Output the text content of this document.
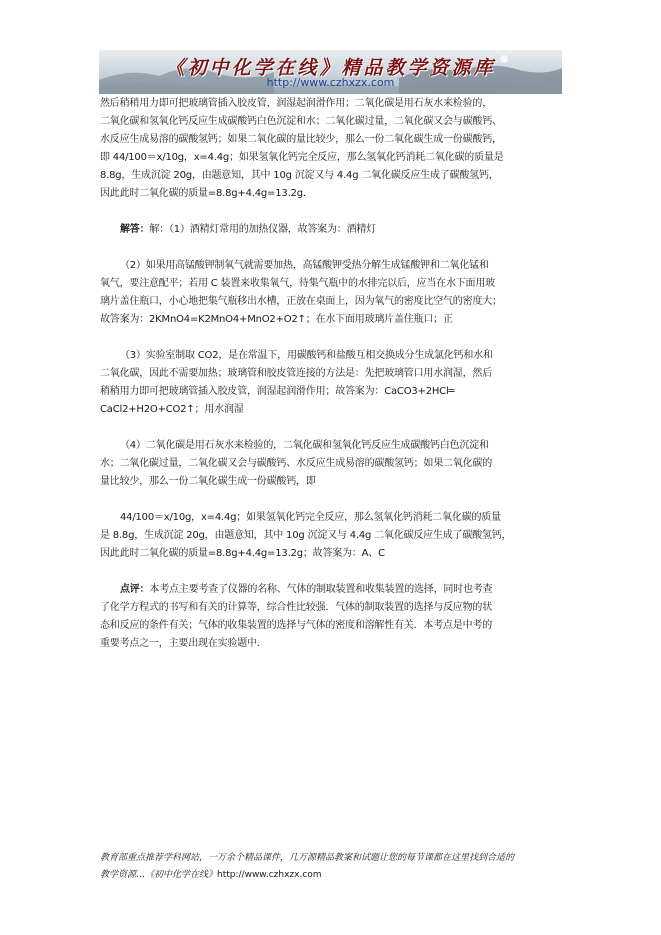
《初中化学在线》精品教学资源库
http://www.czhxzx.com

然后稍稍用力即可把玻璃管插入胶皮管，润湿起润滑作用；二氧化碳是用石灰水来检验的，
二氧化碳和氢氧化钙反应生成碳酸钙白色沉淀和水；二氧化碳过量，二氧化碳又会与碳酸钙、
水反应生成易溶的碳酸氢钙；如果二氧化碳的量比较少，那么一份二氧化碳生成一份碳酸钙，
即 44/100＝x/10g，x=4.4g；如果氢氧化钙完全反应，那么氢氧化钙消耗二氧化碳的质量是
8.8g，生成沉淀 20g，由题意知，其中 10g 沉淀又与 4.4g 二氧化碳反应生成了碳酸氢钙，
因此此时二氧化碳的质量=8.8g+4.4g=13.2g．

解答：解：（1）酒精灯常用的加热仪器，故答案为：酒精灯

（2）如果用高锰酸钾制氧气就需要加热，高锰酸钾受热分解生成锰酸钾和二氧化锰和
氧气，要注意配平；若用 C 装置来收集氧气，待集气瓶中的水排完以后，应当在水下面用玻
璃片盖住瓶口，小心地把集气瓶移出水槽，正放在桌面上，因为氧气的密度比空气的密度大；
故答案为：2KMnO4=K2MnO4+MnO2+O2↑；在水下面用玻璃片盖住瓶口；正

（3）实验室制取 CO2，是在常温下，用碳酸钙和盐酸互相交换成分生成氯化钙和水和
二氧化碳，因此不需要加热；玻璃管和胶皮管连接的方法是：先把玻璃管口用水润湿，然后
稍稍用力即可把玻璃管插入胶皮管，润湿起润滑作用；故答案为：CaCO3+2HCl═
CaCl2+H2O+CO2↑；用水润湿

（4）二氧化碳是用石灰水来检验的，二氧化碳和氢氧化钙反应生成碳酸钙白色沉淀和
水；二氧化碳过量，二氧化碳又会与碳酸钙、水反应生成易溶的碳酸氢钙；如果二氧化碳的
量比较少，那么一份二氧化碳生成一份碳酸钙，即

44/100＝x/10g，x=4.4g；如果氢氧化钙完全反应，那么氢氧化钙消耗二氧化碳的质量
是 8.8g，生成沉淀 20g，由题意知，其中 10g 沉淀又与 4.4g 二氧化碳反应生成了碳酸氢钙，
因此此时二氧化碳的质量=8.8g+4.4g=13.2g；故答案为：A、C

点评：本考点主要考查了仪器的名称、气体的制取装置和收集装置的选择，同时也考查
了化学方程式的书写和有关的计算等，综合性比较强．气体的制取装置的选择与反应物的状
态和反应的条件有关；气体的收集装置的选择与气体的密度和溶解性有关．本考点是中考的
重要考点之一，主要出现在实验题中．

教育部重点推荐学科网站，一万余个精品课件，几万源精品教案和试题让您的每节课都在这里找到合适的
教学资源…《初中化学在线》http://www.czhxzx.com
